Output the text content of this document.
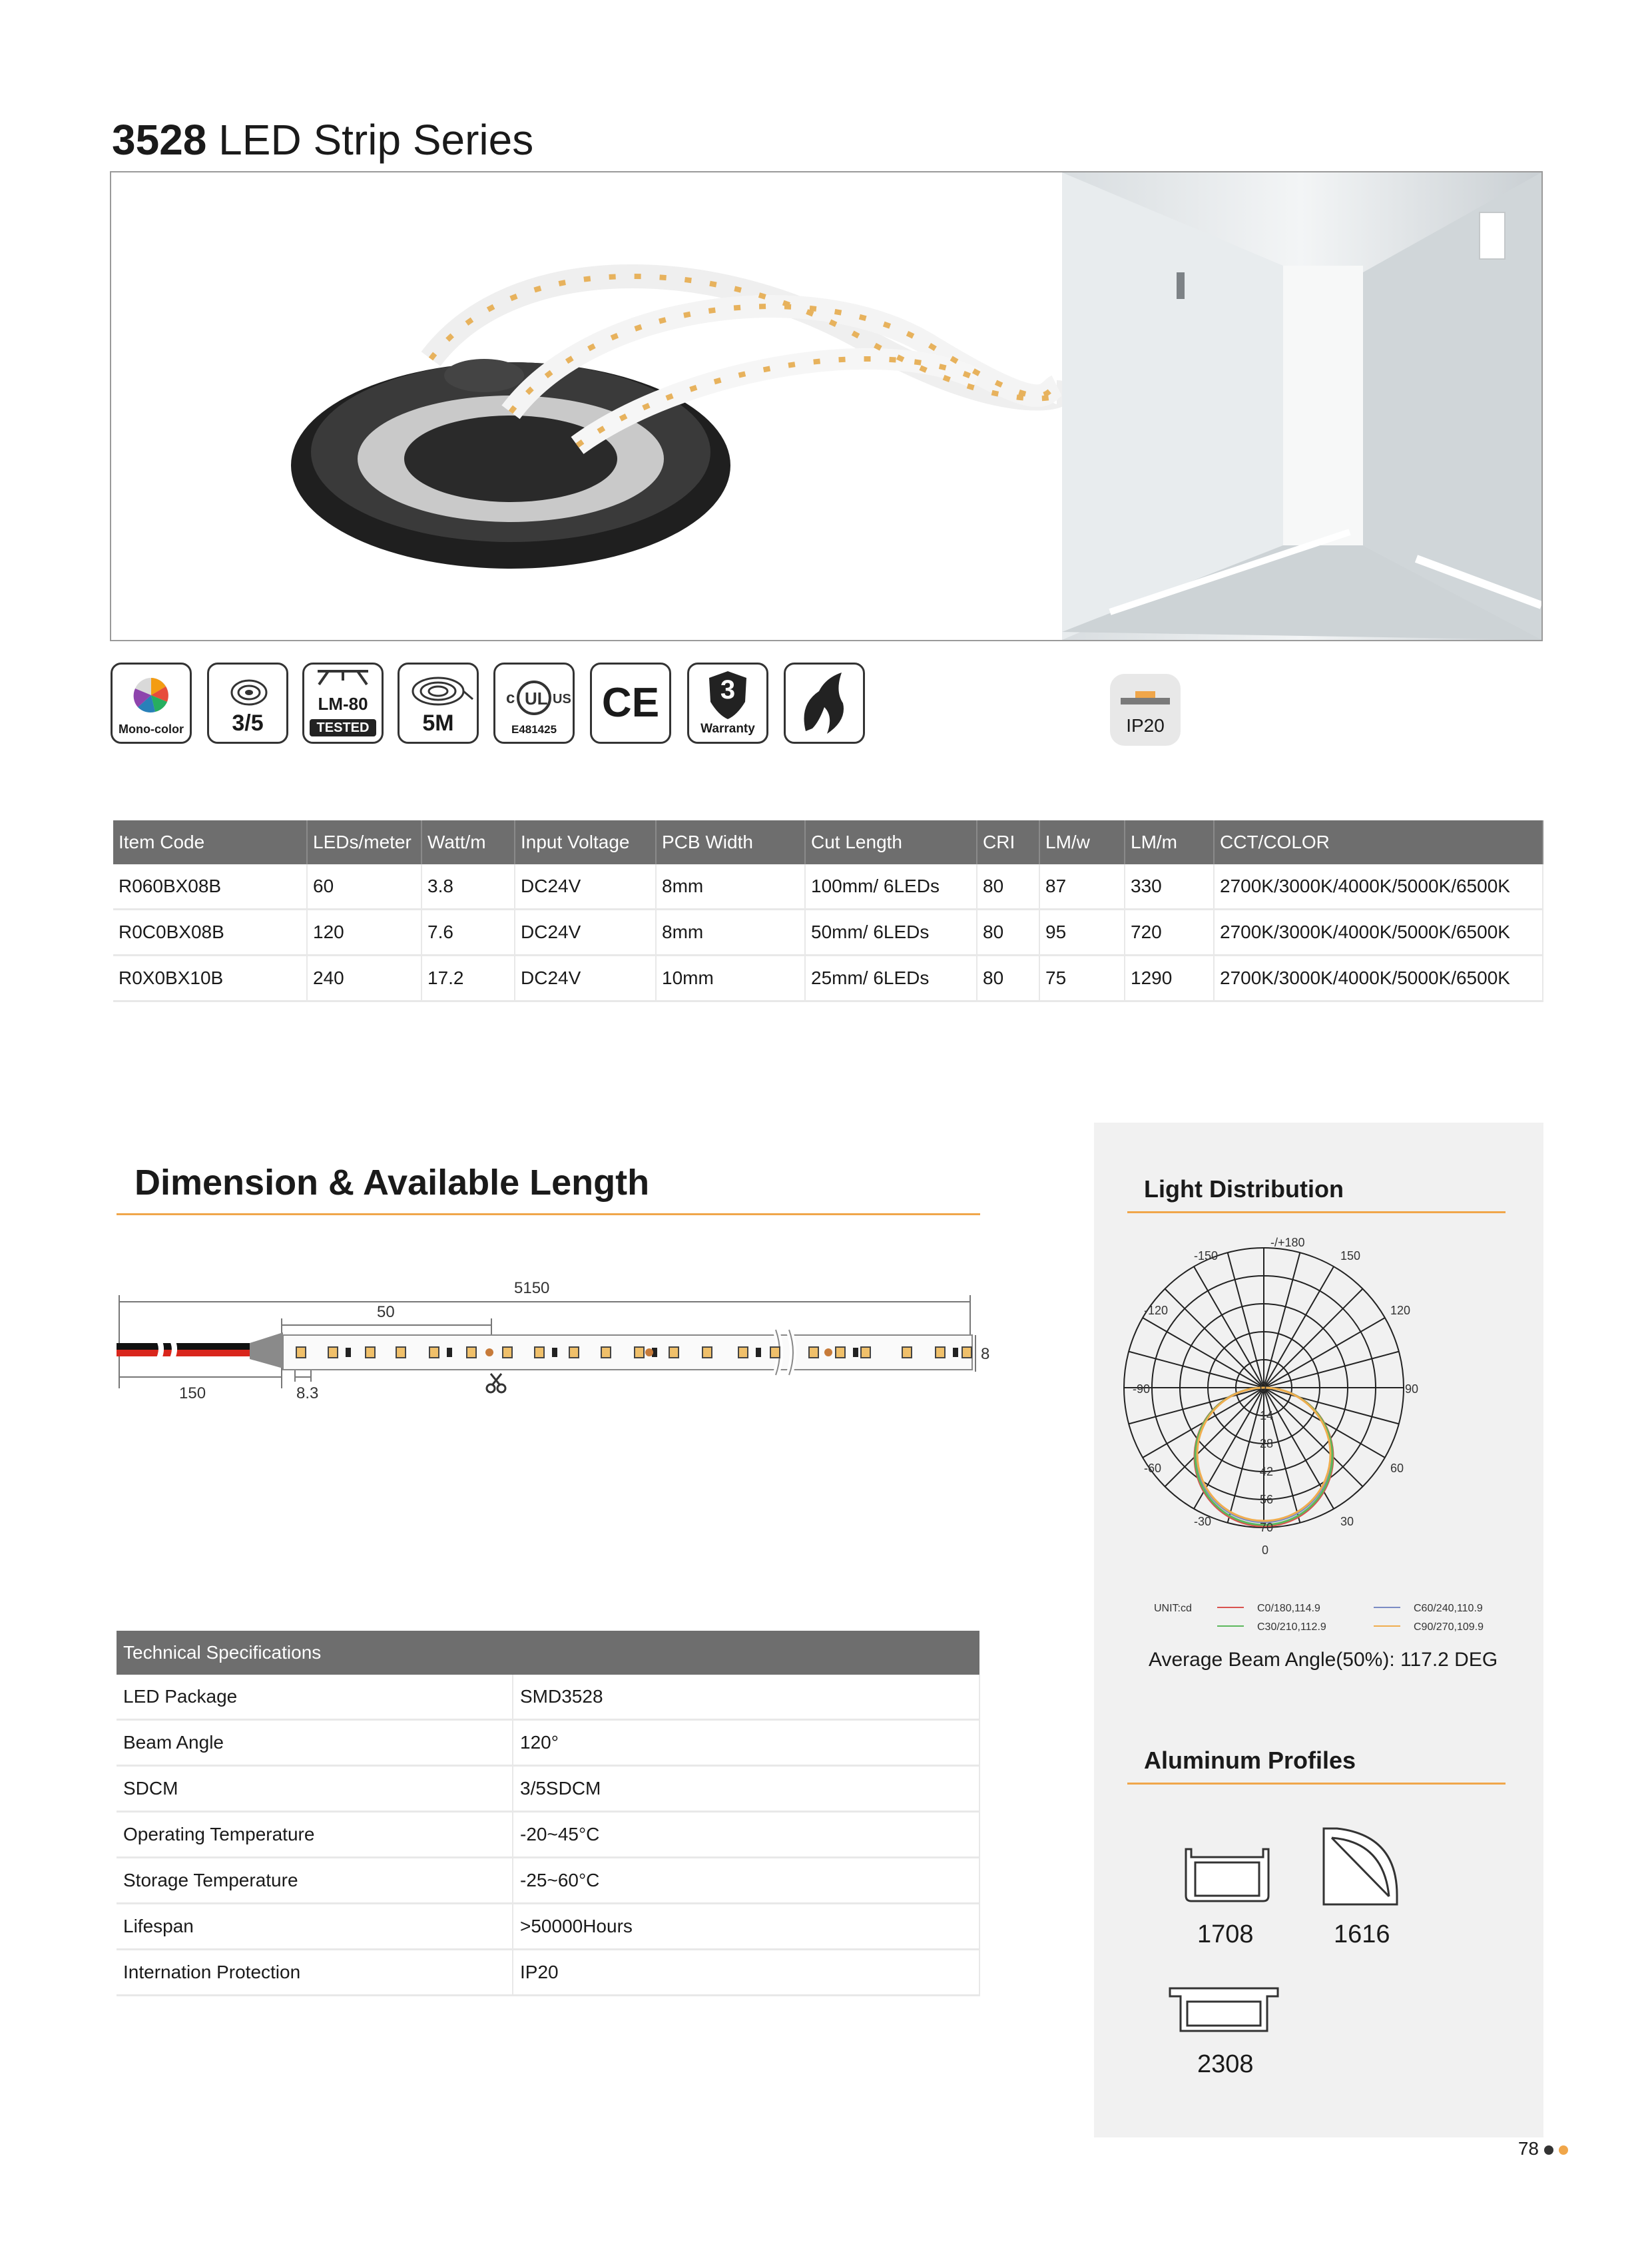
3528 LED Strip Series
Mono-color	3/5
LM-80
TESTED	5M
c UL US
E481425
CE	3
Warranty	IP20
Item Code	LEDs/meter	Watt/m	Input Voltage	PCB Width	Cut Length	CRI	LM/w	LM/m	CCT/COLOR
R060BX08B	60	3.8	DC24V	8mm	100mm/ 6LEDs	80	87	330	2700K/3000K/4000K/5000K/6500K
R0C0BX08B	120	7.6	DC24V	8mm	50mm/ 6LEDs	80	95	720	2700K/3000K/4000K/5000K/6500K
R0X0BX10B	240	17.2	DC24V	10mm	25mm/ 6LEDs	80	75	1290	2700K/3000K/4000K/5000K/6500K
Dimension & Available Length
5150
50
150	8.3
8
Technical Specifications	
LED Package	SMD3528
Beam Angle	120°
SDCM	3/5SDCM
Operating Temperature	-20~45°C
Storage Temperature	-25~60°C
Lifespan	>50000Hours
Internation Protection	IP20
Light Distribution
-/+180
-150	150
-120	120
-90	90
-60	60
-30	30
0
0
14
28
42
56
70
UNIT:cd	C0/180,114.9	C60/240,110.9
C30/210,112.9	C90/270,109.9
Average Beam Angle(50%): 117.2 DEG
Aluminum Profiles
1708	1616
2308
78
